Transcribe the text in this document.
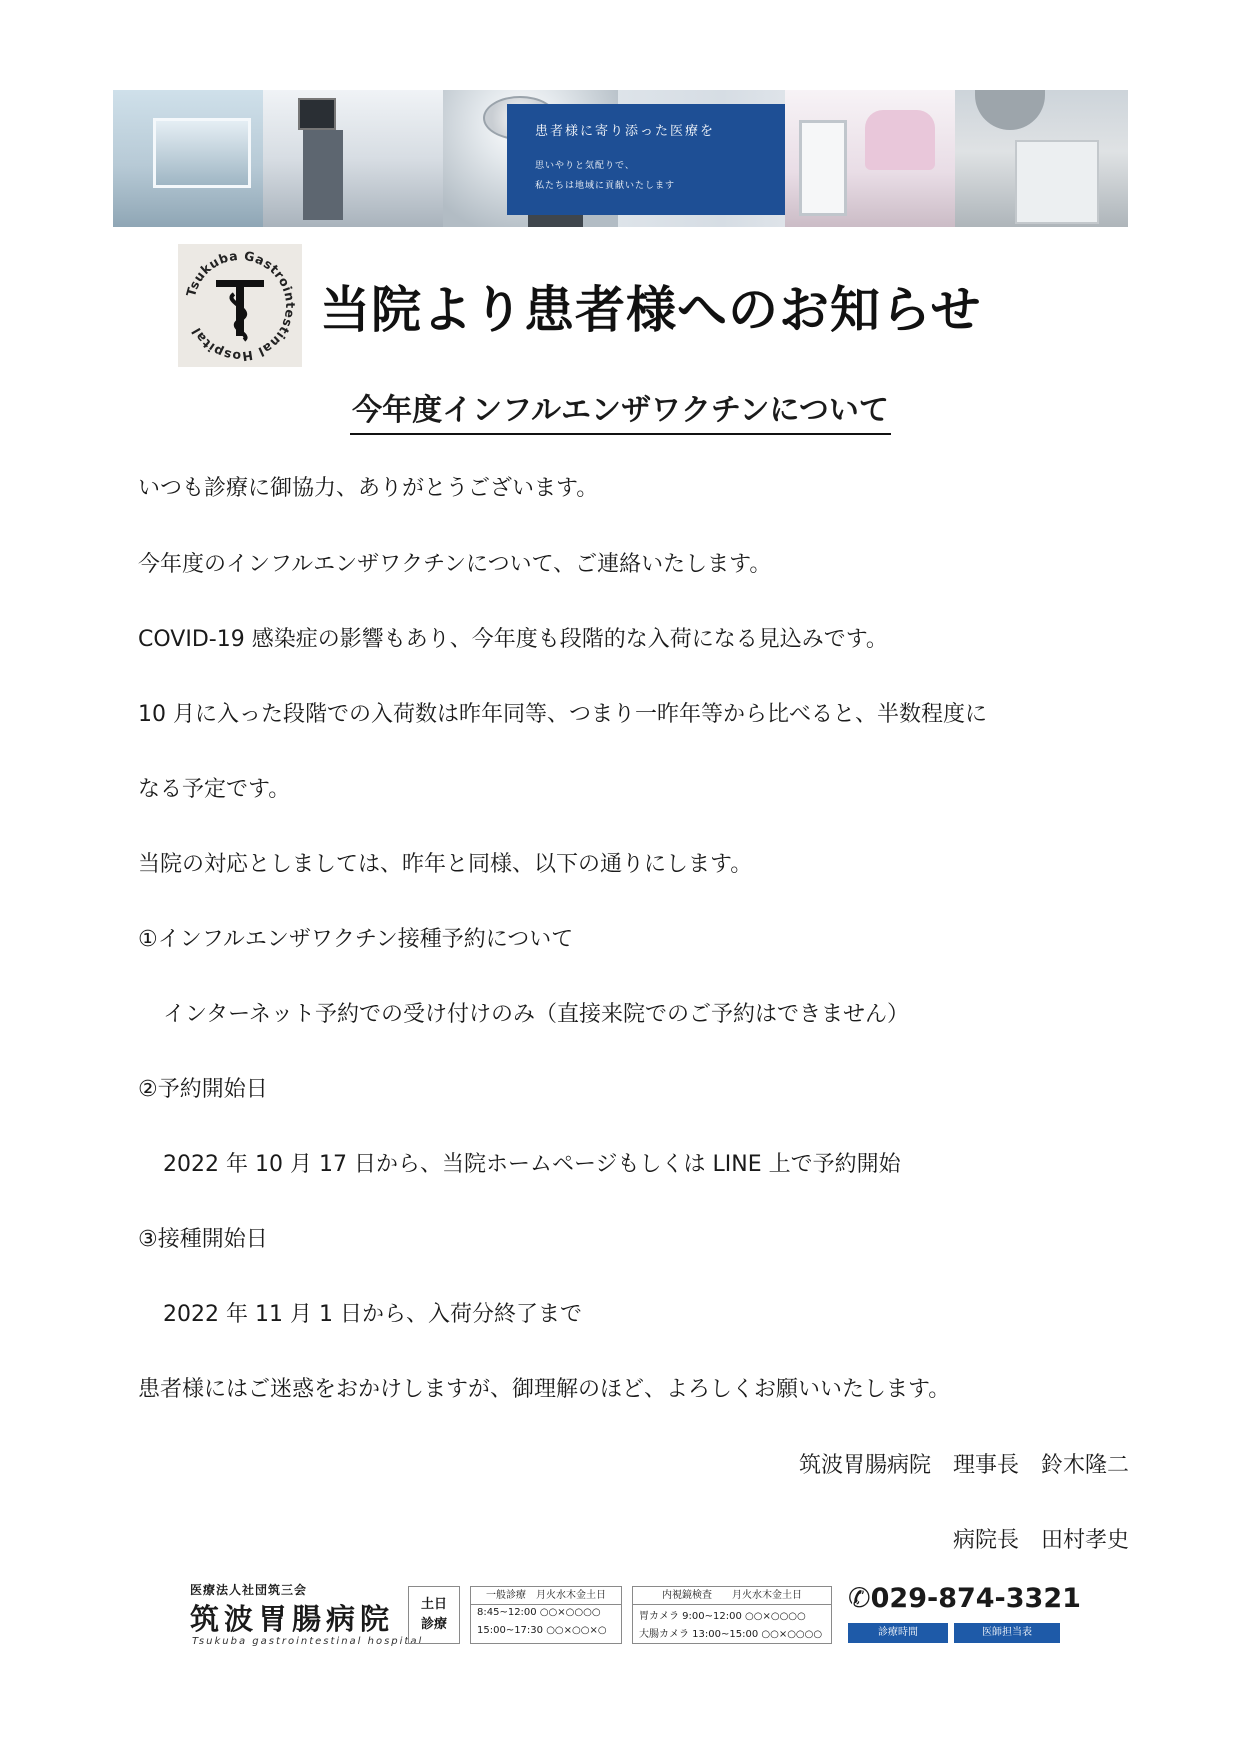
患者様に寄り添った医療を
思いやりと気配りで、
私たちは地域に貢献いたします
Tsukuba Gastrointestinal Hospital	当院より患者様へのお知らせ
今年度インフルエンザワクチンについて
いつも診療に御協力、ありがとうございます。
今年度のインフルエンザワクチンについて、ご連絡いたします。
COVID-19 感染症の影響もあり、今年度も段階的な入荷になる見込みです。
10 月に入った段階での入荷数は昨年同等、つまり一昨年等から比べると、半数程度に
なる予定です。
当院の対応としましては、昨年と同様、以下の通りにします。
①インフルエンザワクチン接種予約について
インターネット予約での受け付けのみ（直接来院でのご予約はできません）
②予約開始日
2022 年 10 月 17 日から、当院ホームページもしくは LINE 上で予約開始
③接種開始日
2022 年 11 月 1 日から、入荷分終了まで
患者様にはご迷惑をおかけしますが、御理解のほど、よろしくお願いいたします。
筑波胃腸病院　理事長　鈴木隆二
病院長　田村孝史
医療法人社団筑三会
筑波胃腸病院
Tsukuba gastrointestinal hospital
土日
診療
一般診療　月火水木金土日
8:45~12:00 ○○×○○○○
15:00~17:30 ○○×○○×○
内視鏡検査　　月火水木金土日
胃カメラ 9:00~12:00 ○○×○○○○
大腸カメラ 13:00~15:00 ○○×○○○○
✆029-874-3321
診療時間	医師担当表
